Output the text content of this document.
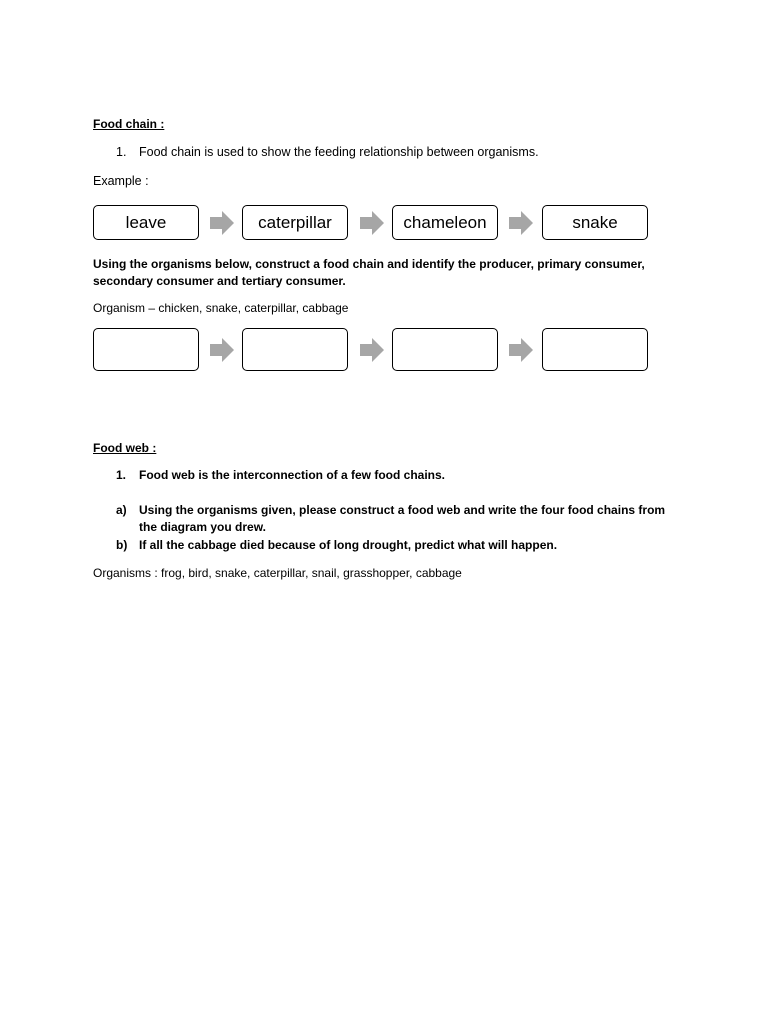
Food chain :
1. Food chain is used to show the feeding relationship between organisms.
Example :
leave	caterpillar	chameleon	snake
Using the organisms below, construct a food chain and identify the producer, primary consumer,
secondary consumer and tertiary consumer.
Organism – chicken, snake, caterpillar, cabbage
Food web :
1. Food web is the interconnection of a few food chains.
a) Using the organisms given, please construct a food web and write the four food chains from
the diagram you drew.
b) If all the cabbage died because of long drought, predict what will happen.
Organisms : frog, bird, snake, caterpillar, snail, grasshopper, cabbage
